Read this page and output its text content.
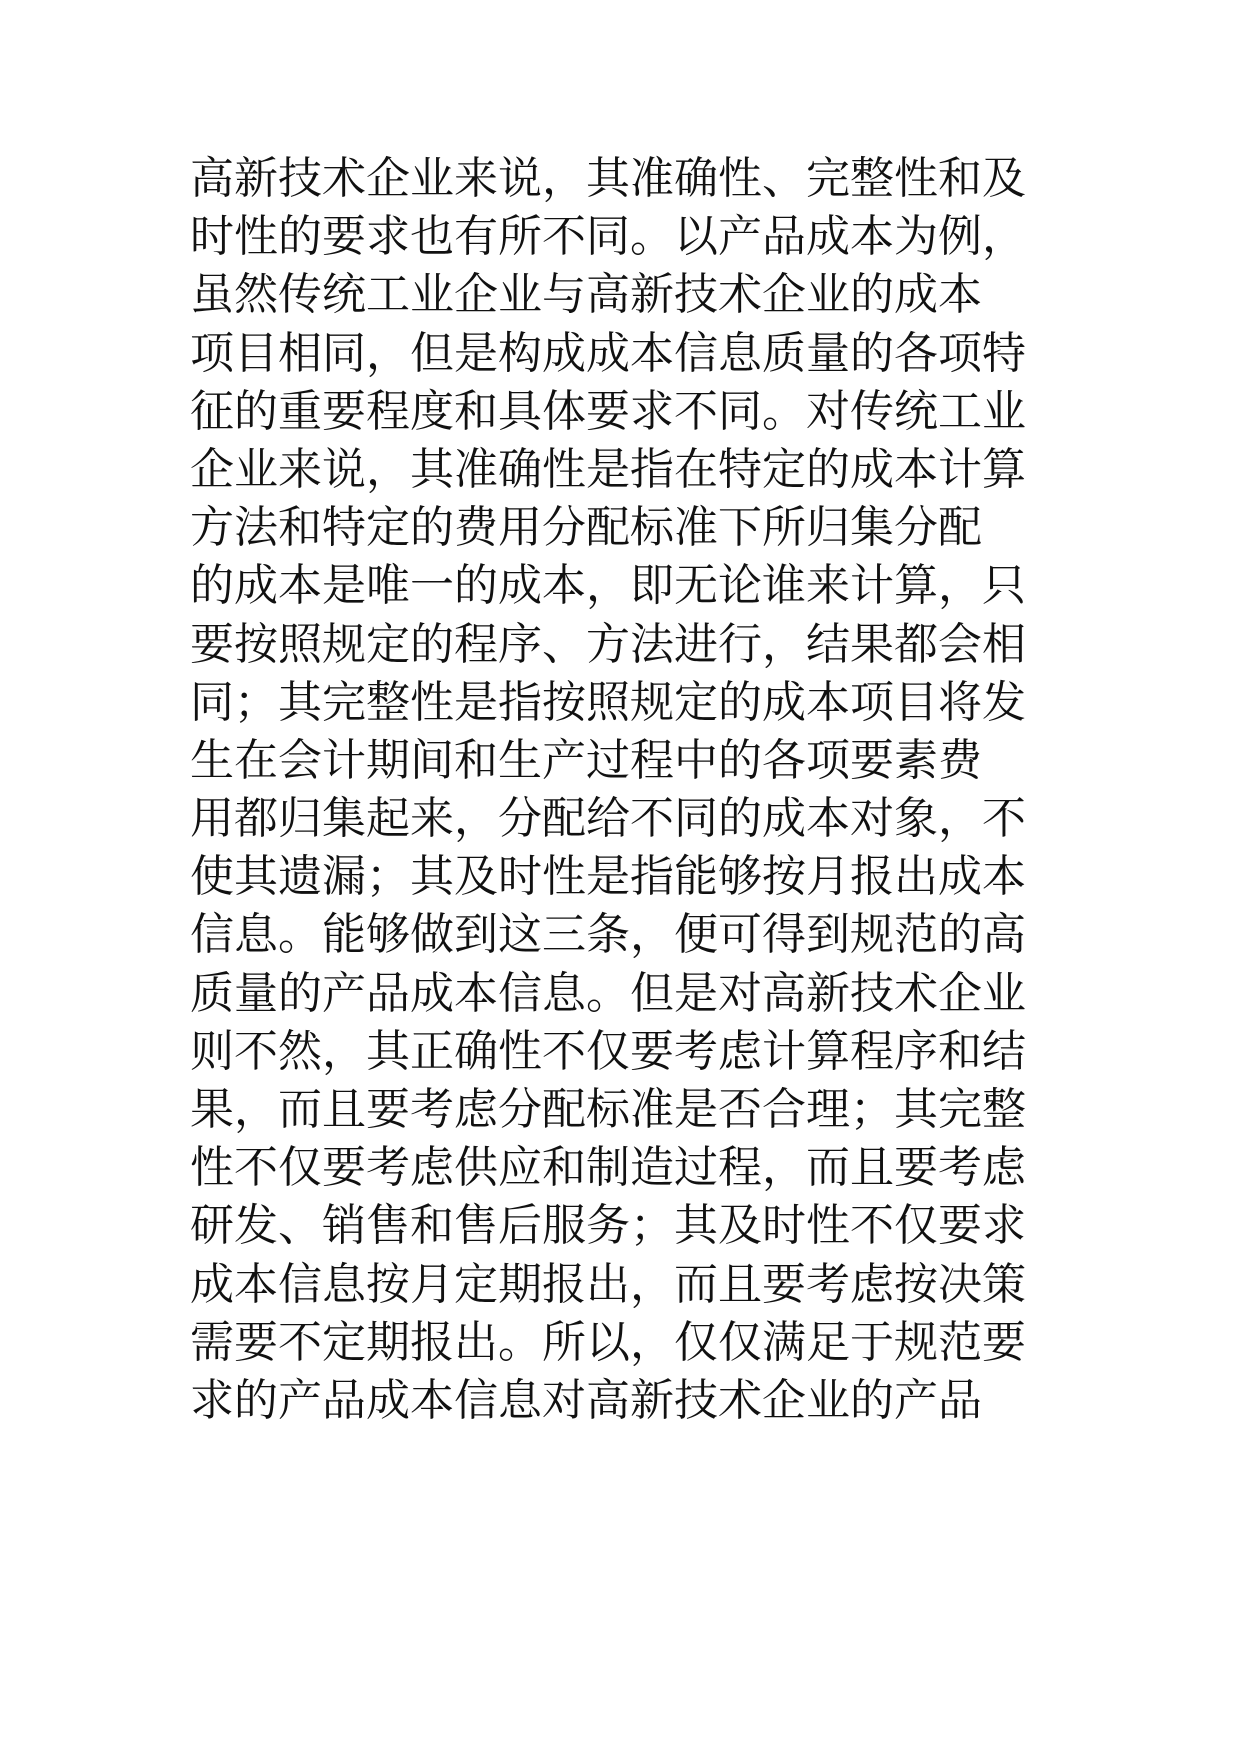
高新技术企业来说，其准确性、完整性和及
时性的要求也有所不同。以产品成本为例，
虽然传统工业企业与高新技术企业的成本
项目相同，但是构成成本信息质量的各项特
征的重要程度和具体要求不同。对传统工业
企业来说，其准确性是指在特定的成本计算
方法和特定的费用分配标准下所归集分配
的成本是唯一的成本，即无论谁来计算，只
要按照规定的程序、方法进行，结果都会相
同；其完整性是指按照规定的成本项目将发
生在会计期间和生产过程中的各项要素费
用都归集起来，分配给不同的成本对象，不
使其遗漏；其及时性是指能够按月报出成本
信息。能够做到这三条，便可得到规范的高
质量的产品成本信息。但是对高新技术企业
则不然，其正确性不仅要考虑计算程序和结
果，而且要考虑分配标准是否合理；其完整
性不仅要考虑供应和制造过程，而且要考虑
研发、销售和售后服务；其及时性不仅要求
成本信息按月定期报出，而且要考虑按决策
需要不定期报出。所以，仅仅满足于规范要
求的产品成本信息对高新技术企业的产品
